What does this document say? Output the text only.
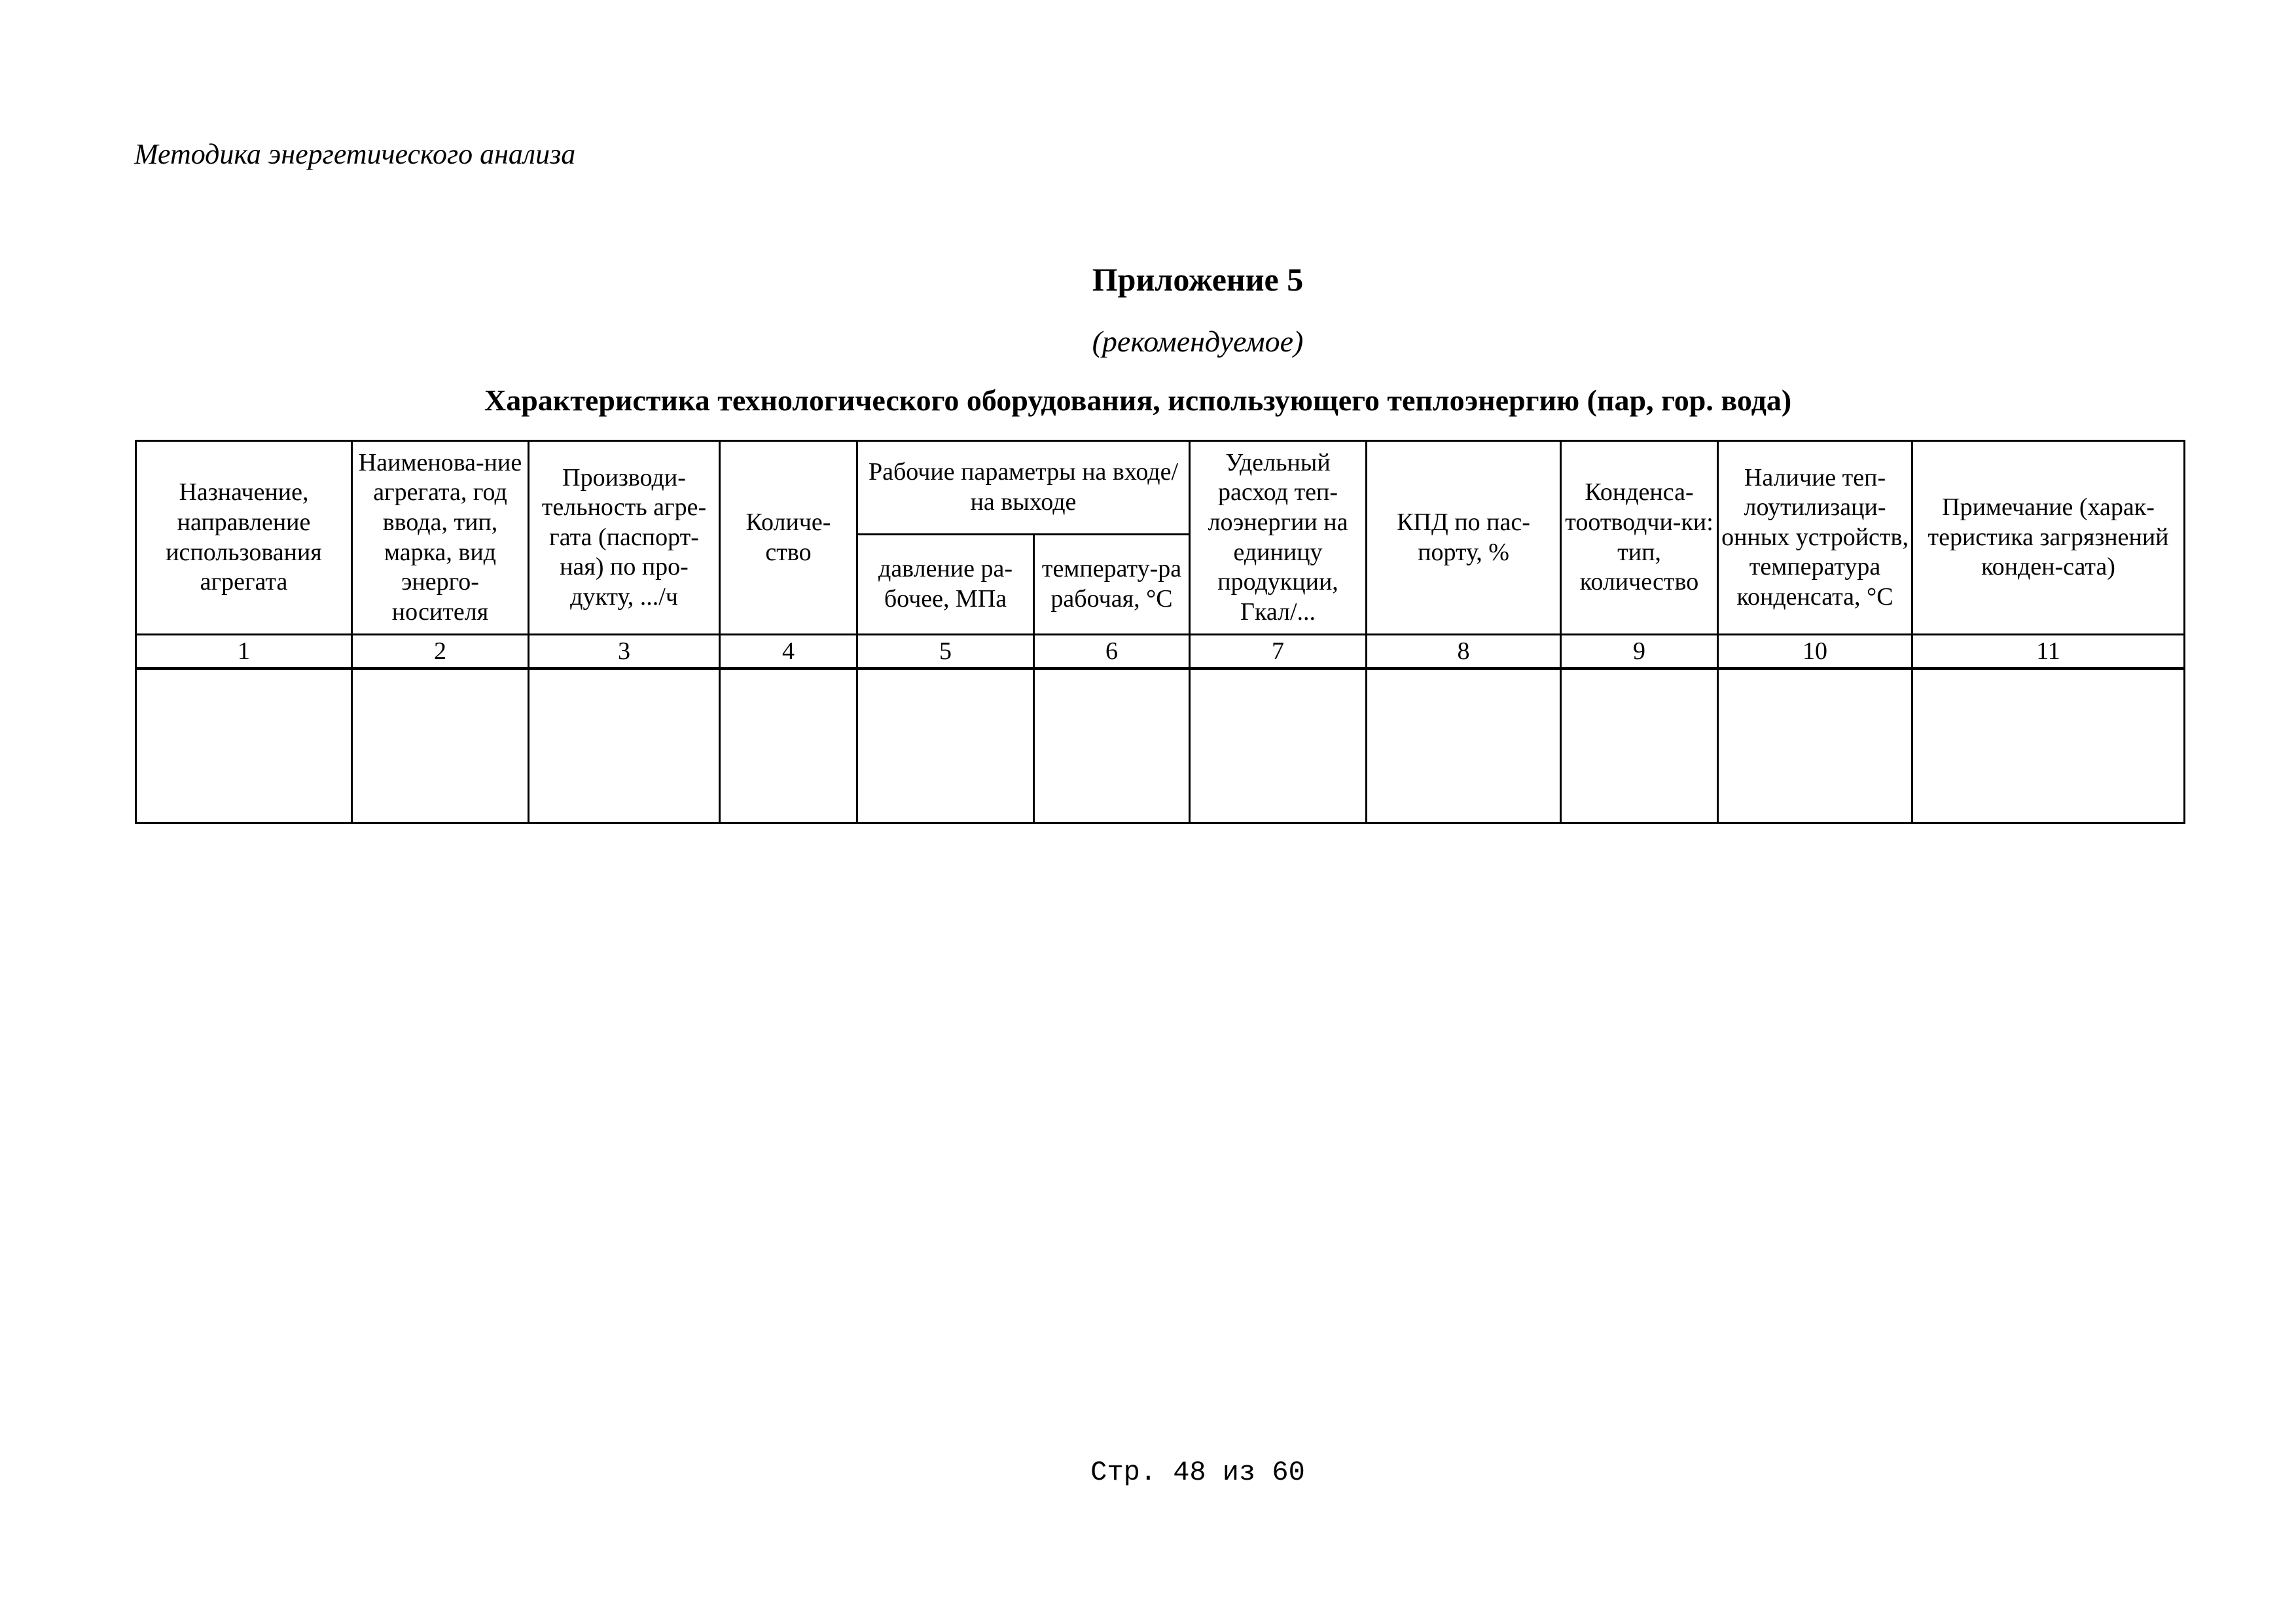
Методика энергетического анализа
Приложение 5
(рекомендуемое)
Характеристика технологического оборудования, использующего теплоэнергию (пар, гор. вода)
Назначение, направление использования агрегата	Наименова-ние агрегата, год ввода, тип, марка, вид энерго-носителя	Производи-тельность агре-гата (паспорт-ная) по про-дукту, .../ч	Количе-ство	Рабочие параметры на входе/ на выходе		Удельный расход теп-лоэнергии на единицу продукции, Гкал/...	КПД по пас-порту, %	Конденса-тоотводчи-ки: тип, количество	Наличие теп-лоутилизаци-онных устройств, температура конденсата, °С	Примечание (харак-теристика загрязнений конден-сата)
				давление ра-бочее, МПа	температу-ра рабочая, °С					
1	2	3	4	5	6	7	8	9	10	11

Стр. 48 из 60
